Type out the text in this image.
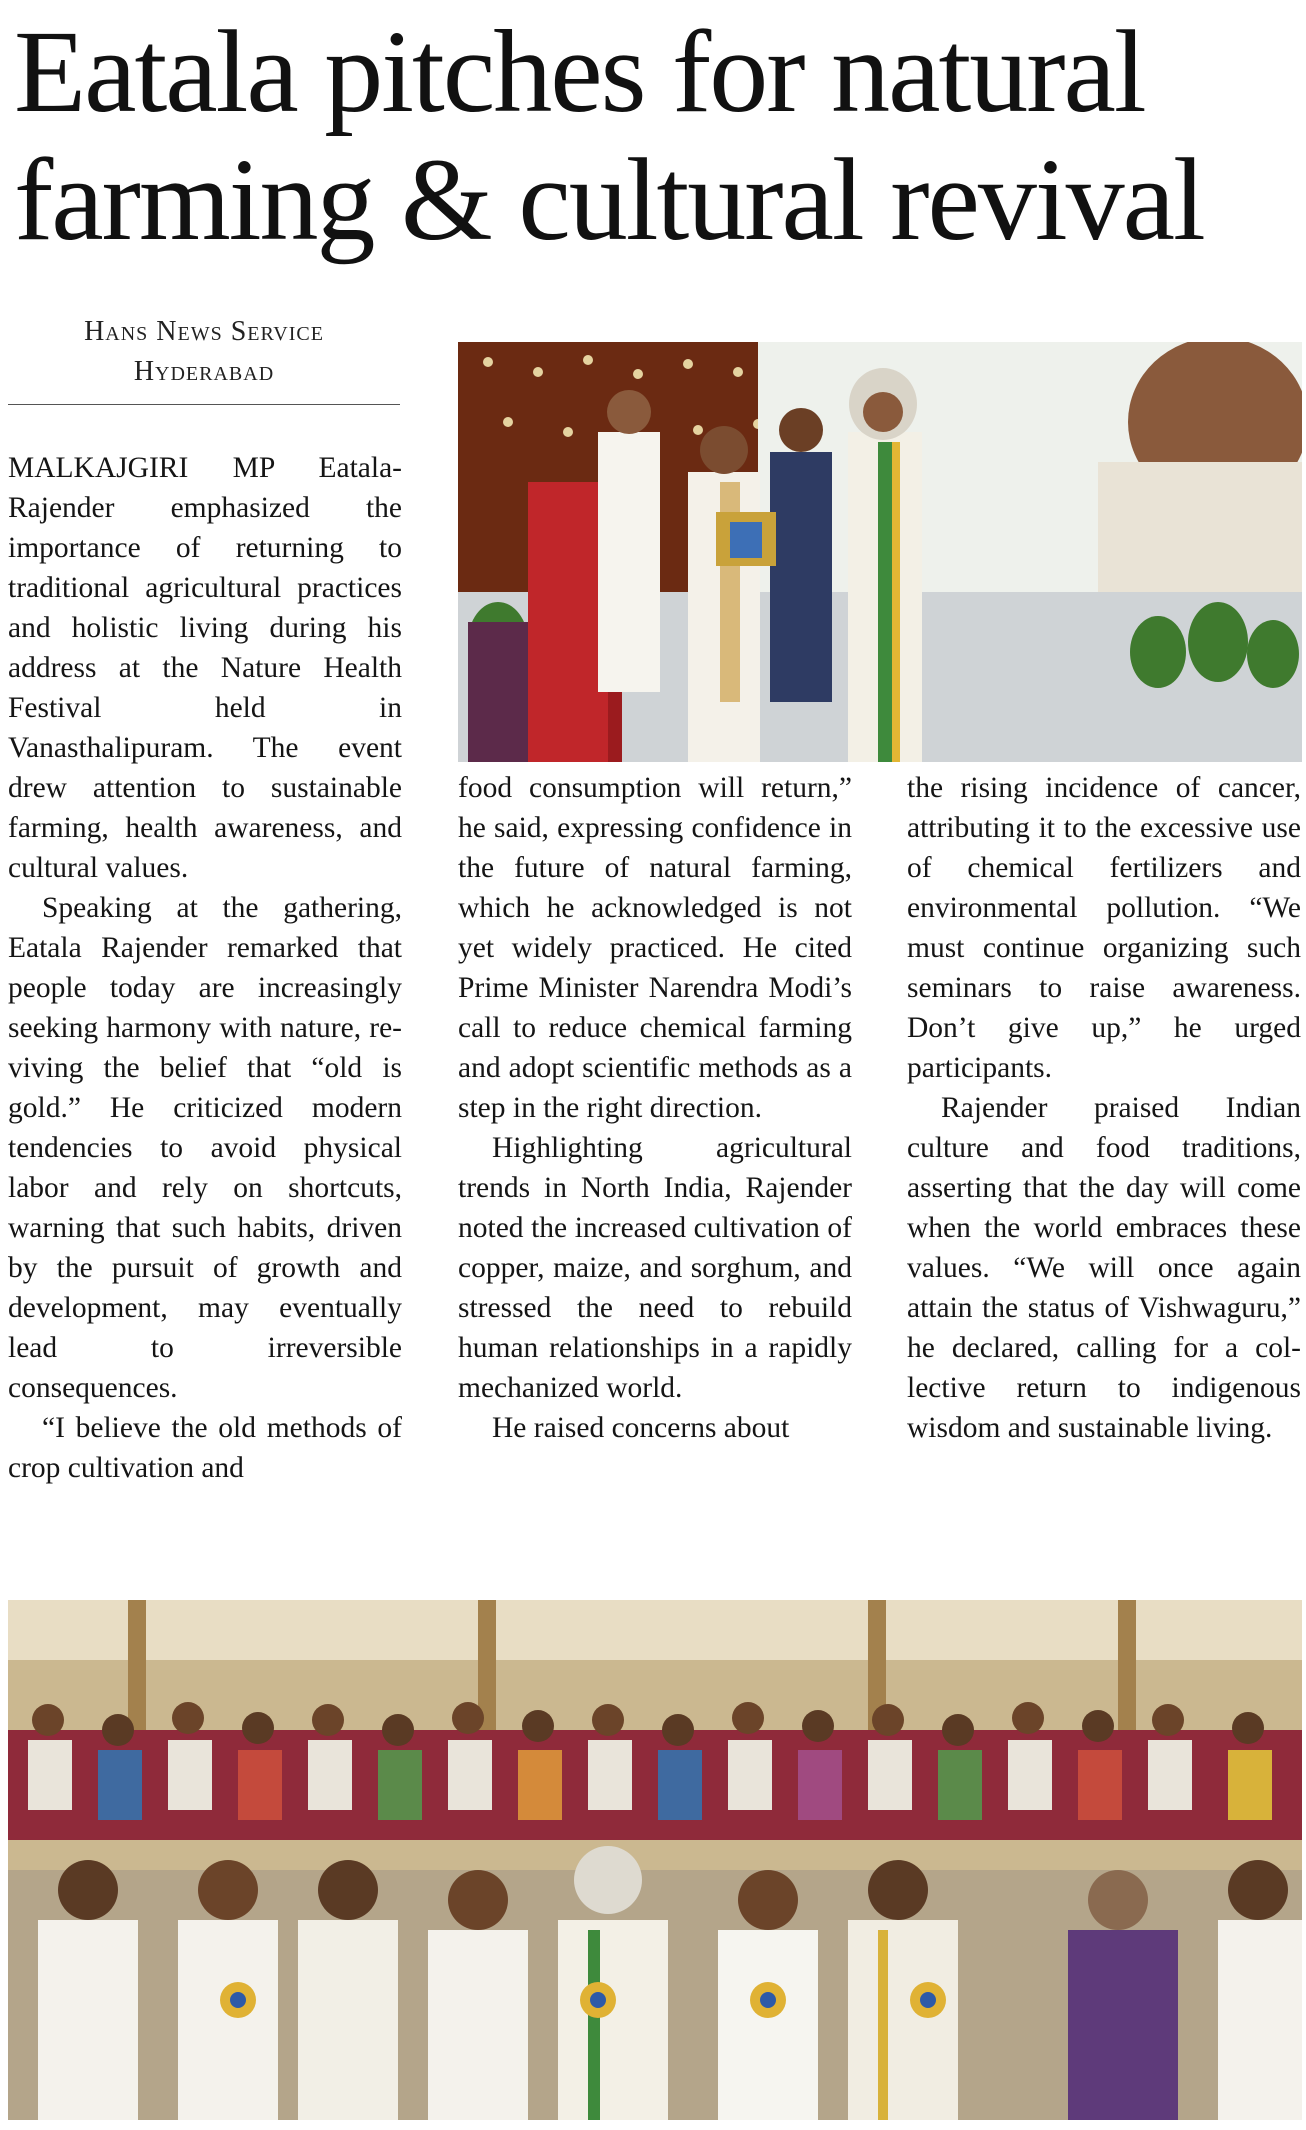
Eatala pitches for natural
farming & cultural revival
Hans News Service
Hyderabad

MALKAJGIRI MP Eatala-Rajender emphasized the importance of returning to traditional agricultural practices and holistic living during his address at the Nature Health Festival held in Vanasthalipuram. The event drew attention to sustainable farming, health awareness, and cultural values.

Speaking at the gathering, Eatala Rajender remarked that people today are increasingly seeking harmony with nature, reviving the belief that “old is gold.” He criticized modern tendencies to avoid physical labor and rely on shortcuts, warning that such habits, driven by the pursuit of growth and development, may eventually lead to irreversible consequences.

“I believe the old methods of crop cultivation and

food consumption will return,” he said, expressing confidence in the future of natural farming, which he acknowledged is not yet widely practiced. He cited Prime Minister Narendra Modi’s call to reduce chemical farming and adopt scientific methods as a step in the right direction.

Highlighting agricultural trends in North India, Rajender noted the increased cultivation of copper, maize, and sorghum, and stressed the need to rebuild human relationships in a rapidly mechanized world.

He raised concerns about

the rising incidence of cancer, attributing it to the excessive use of chemical fertilizers and environmental pollution. “We must continue organizing such seminars to raise awareness. Don’t give up,” he urged participants.

Rajender praised Indian culture and food traditions, asserting that the day will come when the world embraces these values. “We will once again attain the status of Vishwaguru,” he declared, calling for a collective return to indigenous wisdom and sustainable living.
